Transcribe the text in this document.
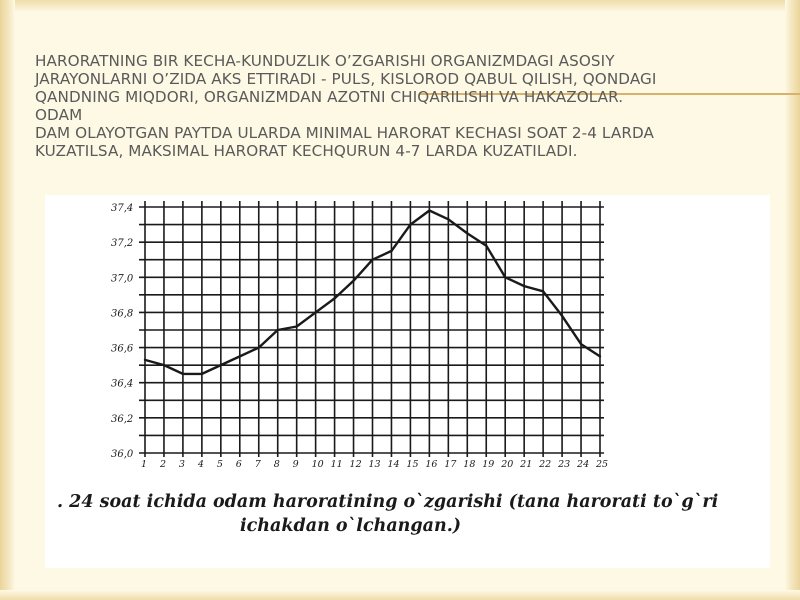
HARORATNING BIR KECHA-KUNDUZLIK O’ZGARISHI ORGANIZMDAGI ASOSIY
JARAYONLARNI O’ZIDA AKS ETTIRADI - PULS, KISLOROD QABUL QILISH, QONDAGI
QANDNING MIQDORI, ORGANIZMDAN AZOTNI CHIQARILISHI VA HAKAZOLAR.
ODAM
DAM OLAYOTGAN PAYTDA ULARDA MINIMAL HARORAT KECHASI SOAT 2-4 LARDA
KUZATILSA, MAKSIMAL HARORAT KECHQURUN 4-7 LARDA KUZATILADI.
37,4
37,2
37,0
36,8
36,6
36,4
36,2
36,0
1 2 3 4 5 6 7 8 9 10 11 12 13 14 15 16 17 18 19 20 21 22 23 24 25
. 24 soat ichida odam haroratining o`zgarishi (tana harorati to`g`ri
ichakdan o`lchangan.)
